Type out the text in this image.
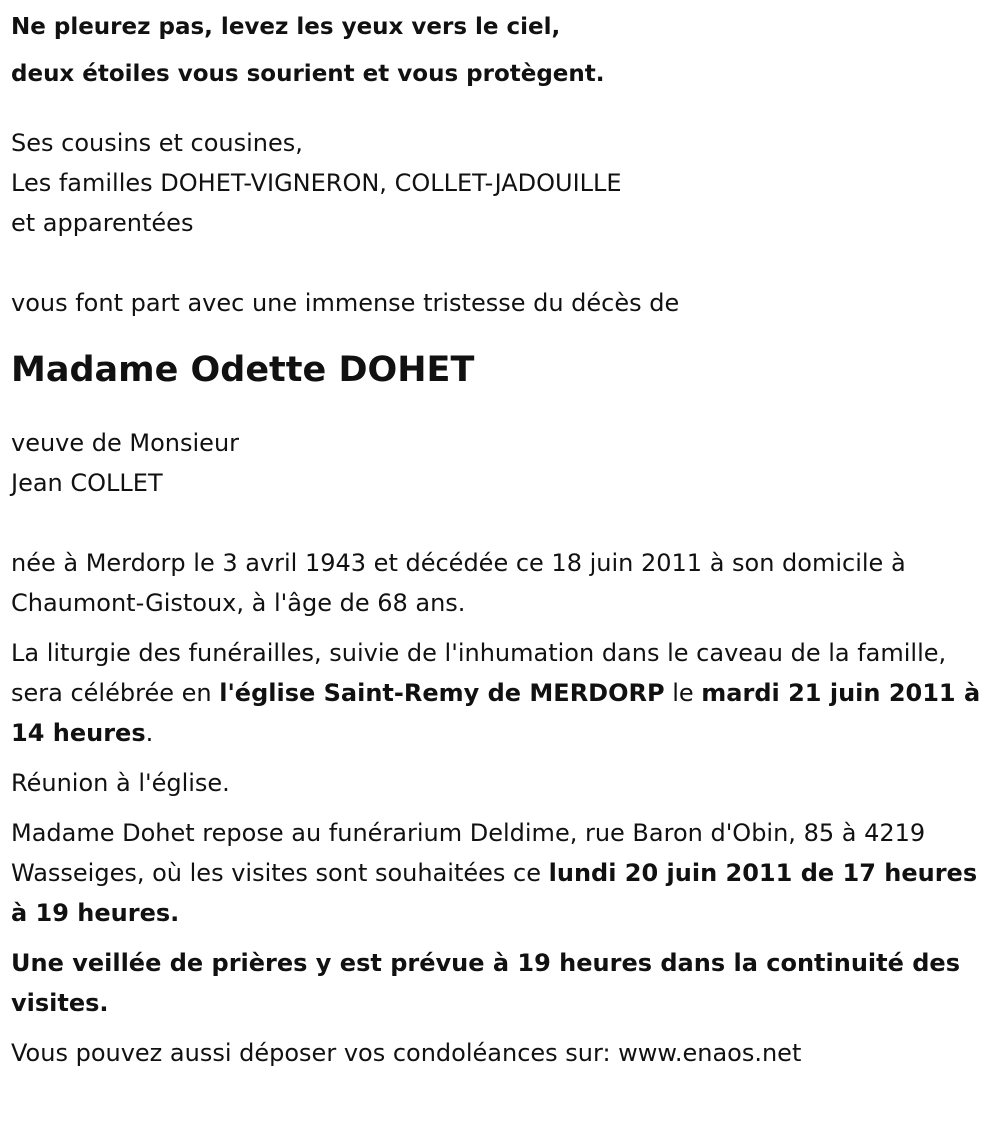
Ne pleurez pas, levez les yeux vers le ciel,

deux étoiles vous sourient et vous protègent.

Ses cousins et cousines,

Les familles DOHET-VIGNERON, COLLET-JADOUILLE

et apparentées

vous font part avec une immense tristesse du décès de

Madame Odette DOHET

veuve de Monsieur

Jean COLLET

née à Merdorp le 3 avril 1943 et décédée ce 18 juin 2011 à son domicile à Chaumont-Gistoux, à l'âge de 68 ans.

La liturgie des funérailles, suivie de l'inhumation dans le caveau de la famille, sera célébrée en l'église Saint-Remy de MERDORP le mardi 21 juin 2011 à 14 heures.

Réunion à l'église.

Madame Dohet repose au funérarium Deldime, rue Baron d'Obin, 85 à 4219 Wasseiges, où les visites sont souhaitées ce lundi 20 juin 2011 de 17 heures à 19 heures.

Une veillée de prières y est prévue à 19 heures dans la continuité des visites.

Vous pouvez aussi déposer vos condoléances sur: www.enaos.net
